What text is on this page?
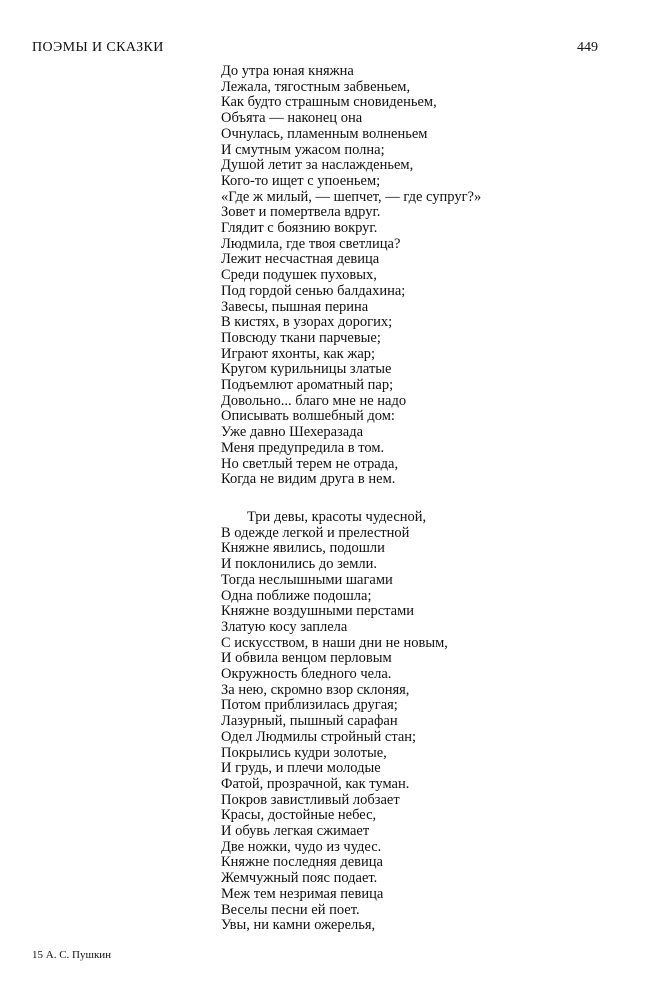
ПОЭМЫ И СКАЗКИ	449
До утра юная княжна
Лежала, тягостным забвеньем,
Как будто страшным сновиденьем,
Объята — наконец она
Очнулась, пламенным волненьем
И смутным ужасом полна;
Душой летит за наслажденьем,
Кого-то ищет с упоеньем;
«Где ж милый, — шепчет, — где супруг?»
Зовет и помертвела вдруг.
Глядит с боязнию вокруг.
Людмила, где твоя светлица?
Лежит несчастная девица
Среди подушек пуховых,
Под гордой сенью балдахина;
Завесы, пышная перина
В кистях, в узорах дорогих;
Повсюду ткани парчевые;
Играют яхонты, как жар;
Кругом курильницы златые
Подъемлют ароматный пар;
Довольно... благо мне не надо
Описывать волшебный дом:
Уже давно Шехеразада
Меня предупредила в том.
Но светлый терем не отрада,
Когда не видим друга в нем.
Три девы, красоты чудесной,
В одежде легкой и прелестной
Княжне явились, подошли
И поклонились до земли.
Тогда неслышными шагами
Одна поближе подошла;
Княжне воздушными перстами
Златую косу заплела
С искусством, в наши дни не новым,
И обвила венцом перловым
Окружность бледного чела.
За нею, скромно взор склоняя,
Потом приблизилась другая;
Лазурный, пышный сарафан
Одел Людмилы стройный стан;
Покрылись кудри золотые,
И грудь, и плечи молодые
Фатой, прозрачной, как туман.
Покров завистливый лобзает
Красы, достойные небес,
И обувь легкая сжимает
Две ножки, чудо из чудес.
Княжне последняя девица
Жемчужный пояс подает.
Меж тем незримая певица
Веселы песни ей поет.
Увы, ни камни ожерелья,
15 А. С. Пушкин
